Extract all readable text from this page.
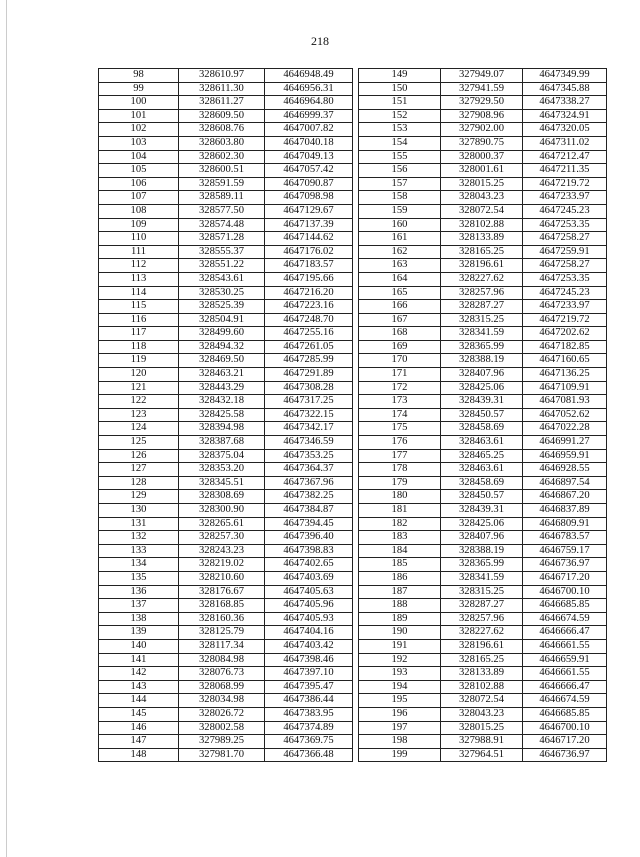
218
98	328610.97	4646948.49
99	328611.30	4646956.31
100	328611.27	4646964.80
101	328609.50	4646999.37
102	328608.76	4647007.82
103	328603.80	4647040.18
104	328602.30	4647049.13
105	328600.51	4647057.42
106	328591.59	4647090.87
107	328589.11	4647098.98
108	328577.50	4647129.67
109	328574.48	4647137.39
110	328571.28	4647144.62
111	328555.37	4647176.02
112	328551.22	4647183.57
113	328543.61	4647195.66
114	328530.25	4647216.20
115	328525.39	4647223.16
116	328504.91	4647248.70
117	328499.60	4647255.16
118	328494.32	4647261.05
119	328469.50	4647285.99
120	328463.21	4647291.89
121	328443.29	4647308.28
122	328432.18	4647317.25
123	328425.58	4647322.15
124	328394.98	4647342.17
125	328387.68	4647346.59
126	328375.04	4647353.25
127	328353.20	4647364.37
128	328345.51	4647367.96
129	328308.69	4647382.25
130	328300.90	4647384.87
131	328265.61	4647394.45
132	328257.30	4647396.40
133	328243.23	4647398.83
134	328219.02	4647402.65
135	328210.60	4647403.69
136	328176.67	4647405.63
137	328168.85	4647405.96
138	328160.36	4647405.93
139	328125.79	4647404.16
140	328117.34	4647403.42
141	328084.98	4647398.46
142	328076.73	4647397.10
143	328068.99	4647395.47
144	328034.98	4647386.44
145	328026.72	4647383.95
146	328002.58	4647374.89
147	327989.25	4647369.75
148	327981.70	4647366.48
149	327949.07	4647349.99
150	327941.59	4647345.88
151	327929.50	4647338.27
152	327908.96	4647324.91
153	327902.00	4647320.05
154	327890.75	4647311.02
155	328000.37	4647212.47
156	328001.61	4647211.35
157	328015.25	4647219.72
158	328043.23	4647233.97
159	328072.54	4647245.23
160	328102.88	4647253.35
161	328133.89	4647258.27
162	328165.25	4647259.91
163	328196.61	4647258.27
164	328227.62	4647253.35
165	328257.96	4647245.23
166	328287.27	4647233.97
167	328315.25	4647219.72
168	328341.59	4647202.62
169	328365.99	4647182.85
170	328388.19	4647160.65
171	328407.96	4647136.25
172	328425.06	4647109.91
173	328439.31	4647081.93
174	328450.57	4647052.62
175	328458.69	4647022.28
176	328463.61	4646991.27
177	328465.25	4646959.91
178	328463.61	4646928.55
179	328458.69	4646897.54
180	328450.57	4646867.20
181	328439.31	4646837.89
182	328425.06	4646809.91
183	328407.96	4646783.57
184	328388.19	4646759.17
185	328365.99	4646736.97
186	328341.59	4646717.20
187	328315.25	4646700.10
188	328287.27	4646685.85
189	328257.96	4646674.59
190	328227.62	4646666.47
191	328196.61	4646661.55
192	328165.25	4646659.91
193	328133.89	4646661.55
194	328102.88	4646666.47
195	328072.54	4646674.59
196	328043.23	4646685.85
197	328015.25	4646700.10
198	327988.91	4646717.20
199	327964.51	4646736.97
